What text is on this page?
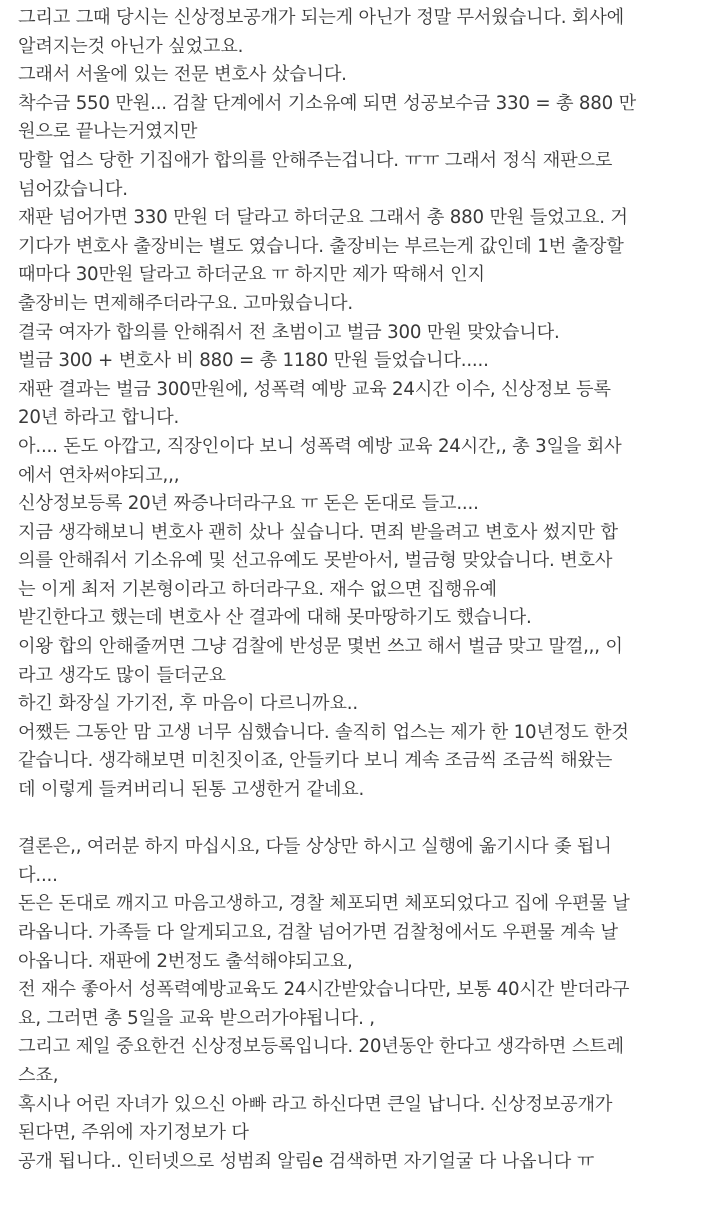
그리고 그때 당시는 신상정보공개가 되는게 아닌가 정말 무서웠습니다. 회사에
알려지는것 아닌가 싶었고요.
그래서 서울에 있는 전문 변호사 샀습니다.
착수금 550 만원... 검찰 단계에서 기소유예 되면 성공보수금 330 = 총 880 만
원으로 끝나는거였지만
망할 업스 당한 기집애가 합의를 안해주는겁니다. ㅠㅠ 그래서 정식 재판으로
넘어갔습니다.
재판 넘어가면 330 만원 더 달라고 하더군요 그래서 총 880 만원 들었고요. 거
기다가 변호사 출장비는 별도 였습니다. 출장비는 부르는게 값인데 1번 출장할
때마다 30만원 달라고 하더군요 ㅠ 하지만 제가 딱해서 인지
출장비는 면제해주더라구요. 고마웠습니다.
결국 여자가 합의를 안해줘서 전 초범이고 벌금 300 만원 맞았습니다.
벌금 300 + 변호사 비 880 = 총 1180 만원 들었습니다.....
재판 결과는 벌금 300만원에, 성폭력 예방 교육 24시간 이수, 신상정보 등록
20년 하라고 합니다.
아.... 돈도 아깝고, 직장인이다 보니 성폭력 예방 교육 24시간,, 총 3일을 회사
에서 연차써야되고,,,
신상정보등록 20년 짜증나더라구요 ㅠ 돈은 돈대로 들고....
지금 생각해보니 변호사 괜히 샀나 싶습니다. 면죄 받을려고 변호사 썼지만 합
의를 안해줘서 기소유예 및 선고유예도 못받아서, 벌금형 맞았습니다. 변호사
는 이게 최저 기본형이라고 하더라구요. 재수 없으면 집행유예
받긴한다고 했는데 변호사 산 결과에 대해 못마땅하기도 했습니다.
이왕 합의 안해줄꺼면 그냥 검찰에 반성문 몇번 쓰고 해서 벌금 맞고 말껄,,, 이
라고 생각도 많이 들더군요
하긴 화장실 가기전, 후 마음이 다르니까요..
어쨌든 그동안 맘 고생 너무 심했습니다. 솔직히 업스는 제가 한 10년정도 한것
같습니다. 생각해보면 미친짓이죠, 안들키다 보니 계속 조금씩 조금씩 해왔는
데 이렇게 들켜버리니 된통 고생한거 같네요.
결론은,, 여러분 하지 마십시요, 다들 상상만 하시고 실행에 옮기시다 좆 됩니
다....
돈은 돈대로 깨지고 마음고생하고, 경찰 체포되면 체포되었다고 집에 우편물 날
라옵니다. 가족들 다 알게되고요, 검찰 넘어가면 검찰청에서도 우편물 계속 날
아옵니다. 재판에 2번정도 출석해야되고요,
전 재수 좋아서 성폭력예방교육도 24시간받았습니다만, 보통 40시간 받더라구
요, 그러면 총 5일을 교육 받으러가야됩니다. ,
그리고 제일 중요한건 신상정보등록입니다. 20년동안 한다고 생각하면 스트레
스죠,
혹시나 어린 자녀가 있으신 아빠 라고 하신다면 큰일 납니다. 신상정보공개가
된다면, 주위에 자기정보가 다
공개 됩니다.. 인터넷으로 성범죄 알림e 검색하면 자기얼굴 다 나옵니다 ㅠ
